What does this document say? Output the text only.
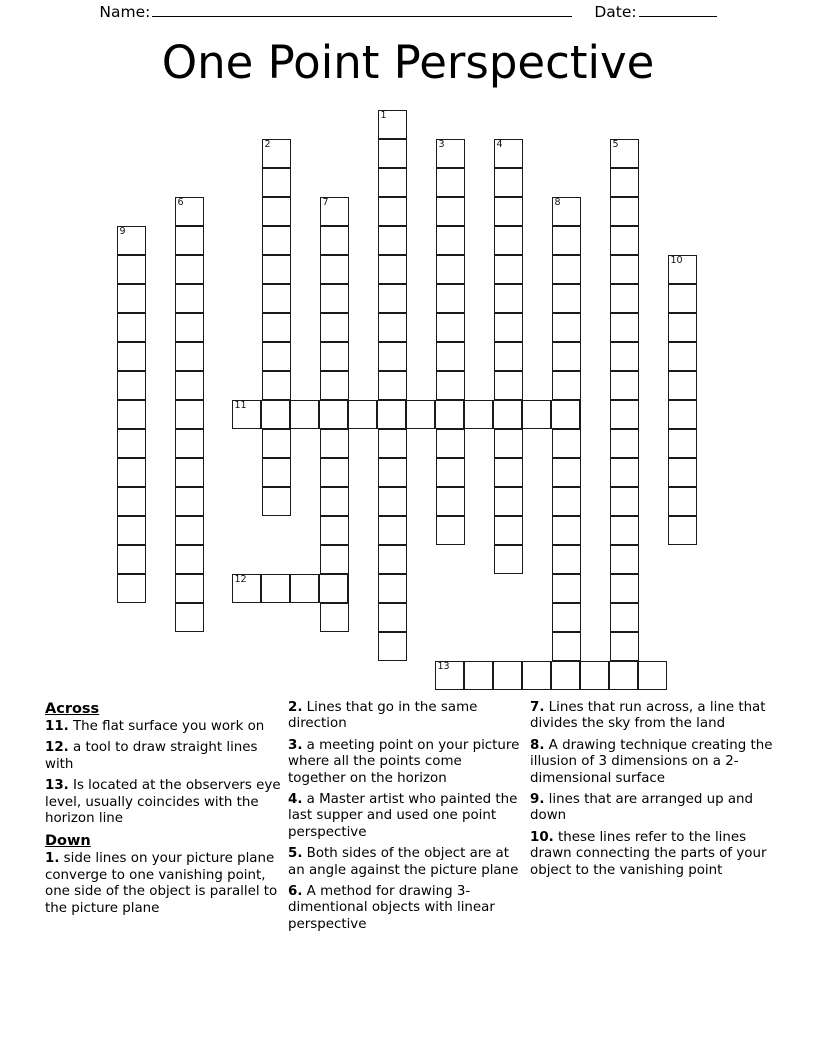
Name:	Date:
One Point Perspective
1
2	3	4	5
6	7	8
9
10
11
12
13
Across
11. The flat surface you work on
12. a tool to draw straight lines with
13. Is located at the observers eye level, usually coincides with the horizon line
Down
1. side lines on your picture plane converge to one vanishing point, one side of the object is parallel to the picture plane
2. Lines that go in the same direction
3. a meeting point on your picture where all the points come together on the horizon
4. a Master artist who painted the last supper and used one point perspective
5. Both sides of the object are at an angle against the picture plane
6. A method for drawing 3-dimentional objects with linear perspective
7. Lines that run across, a line that divides the sky from the land
8. A drawing technique creating the illusion of 3 dimensions on a 2-dimensional surface
9. lines that are arranged up and down
10. these lines refer to the lines drawn connecting the parts of your object to the vanishing point
